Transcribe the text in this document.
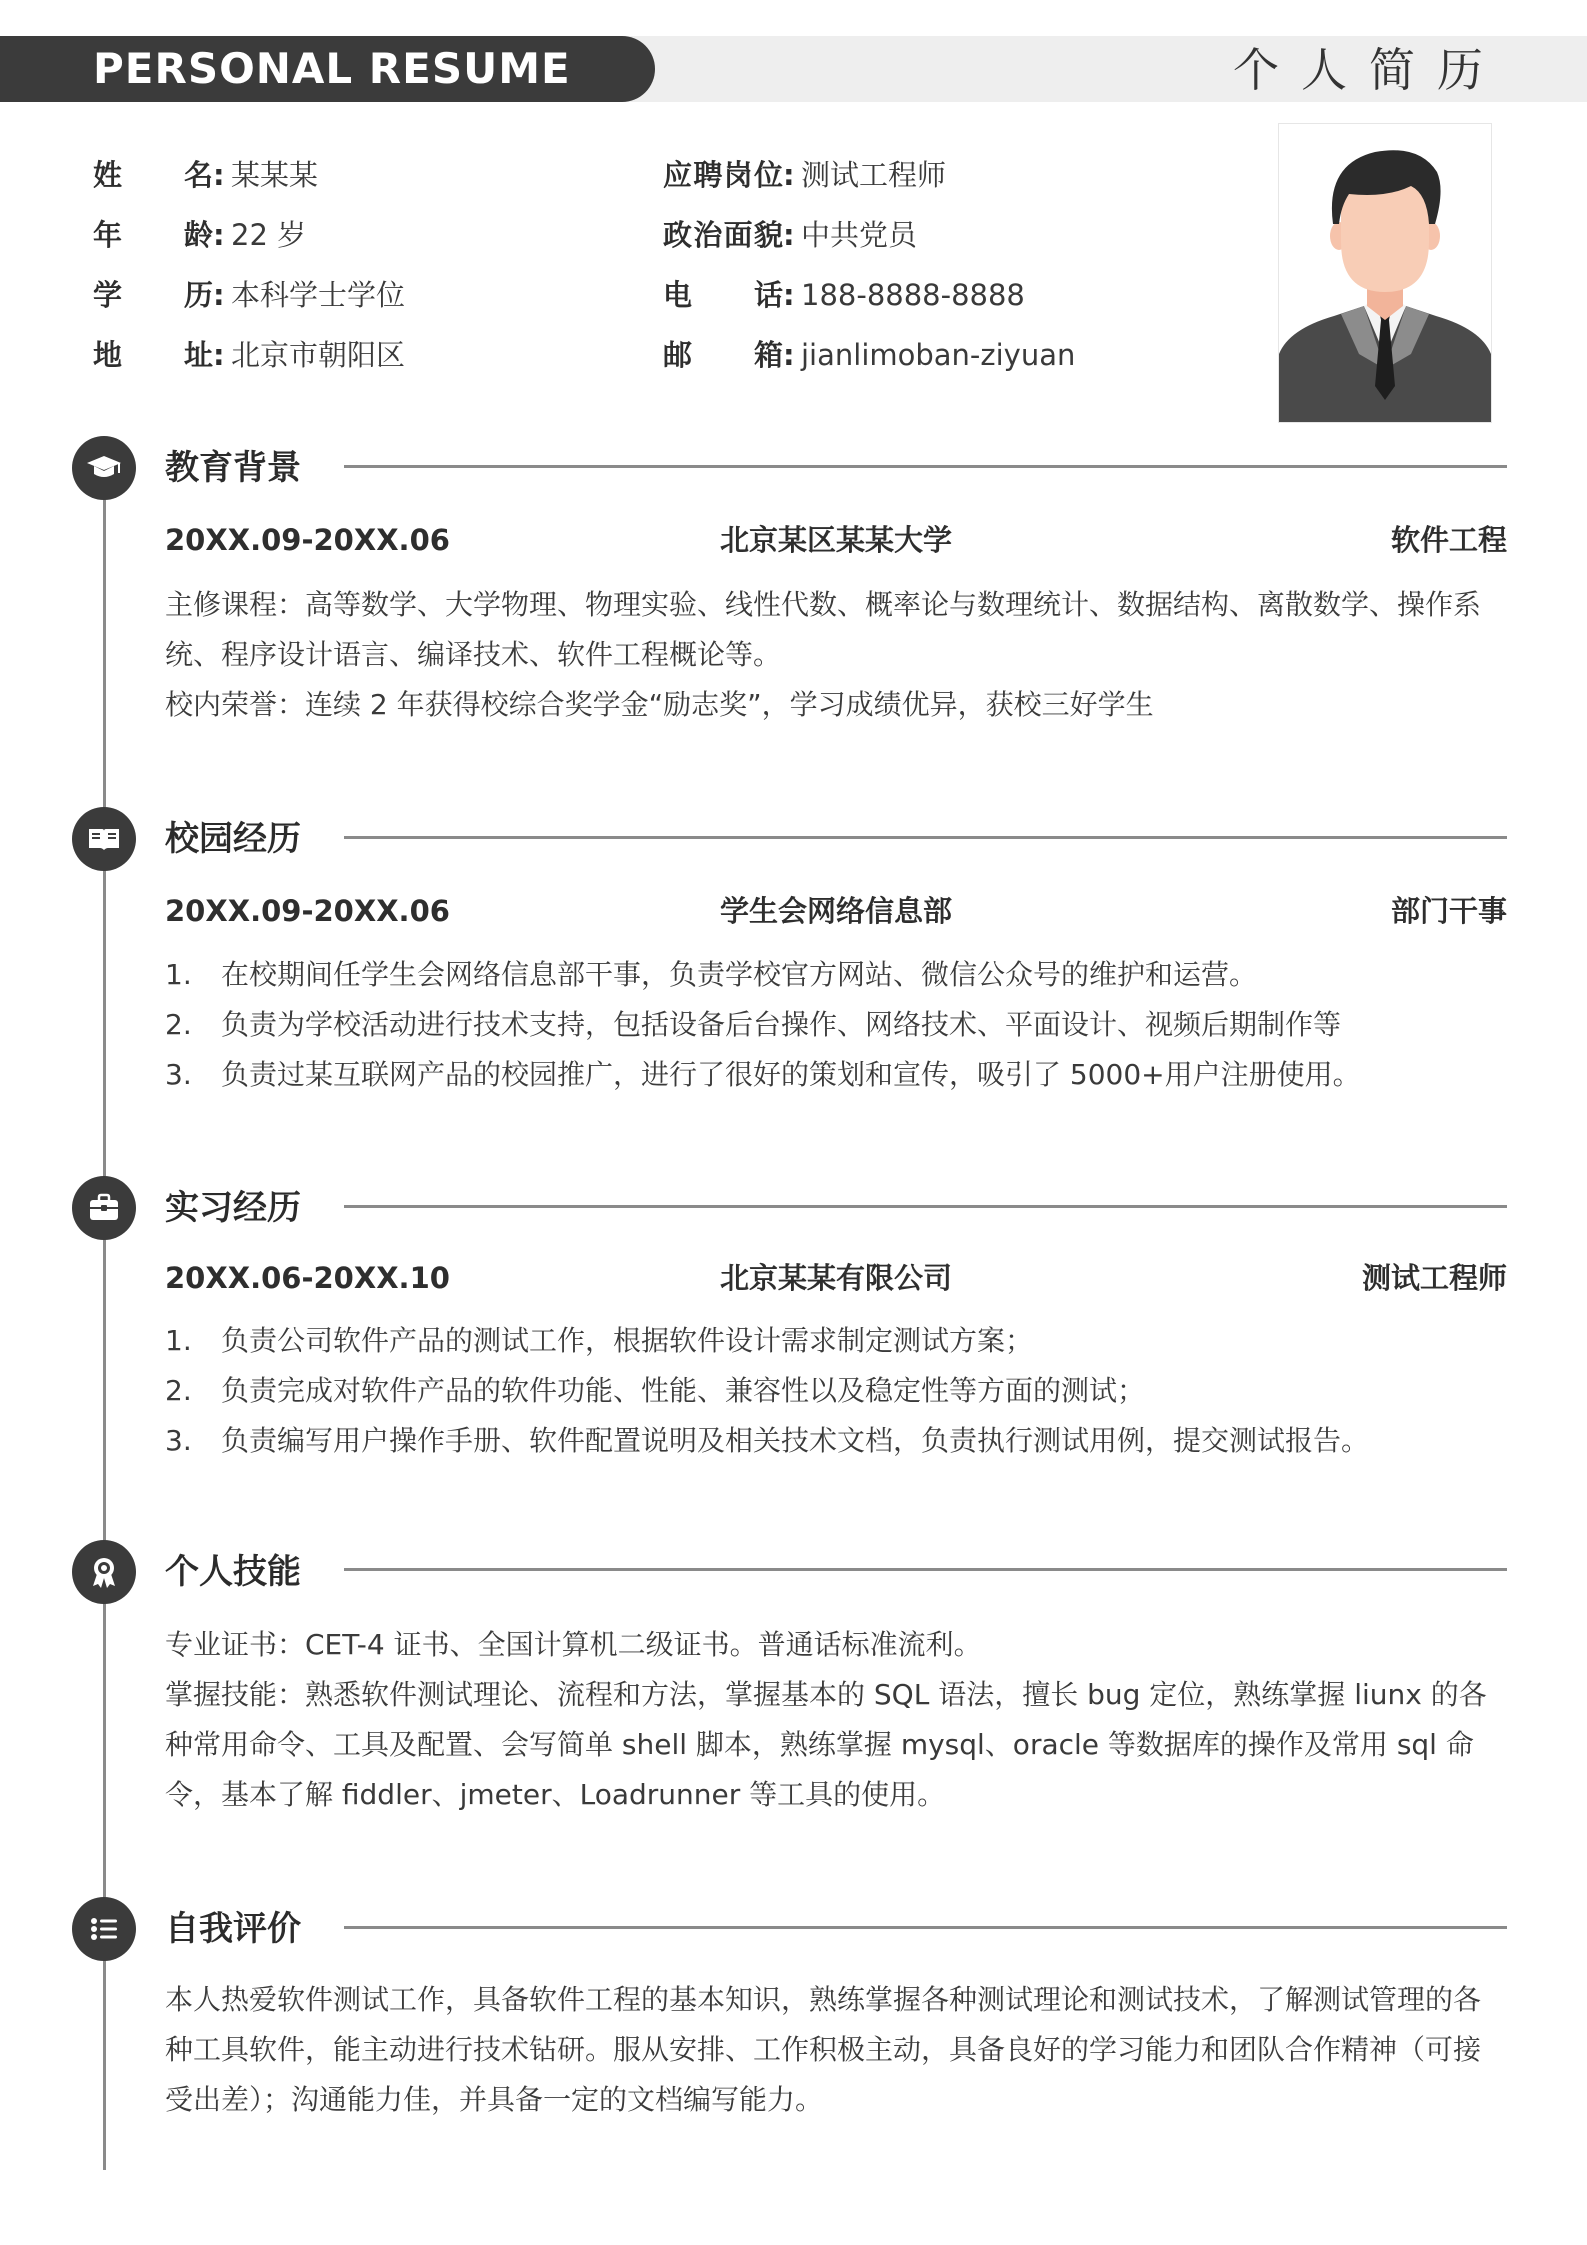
PERSONAL RESUME	个人简历
姓名: 某某某
年龄: 22 岁
学历: 本科学士学位
地址: 北京市朝阳区
应聘岗位: 测试工程师
政治面貌: 中共党员
电话: 188-8888-8888
邮箱: jianlimoban-ziyuan
教育背景
20XX.09-20XX.06	北京某区某某大学	软件工程

主修课程：高等数学、大学物理、物理实验、线性代数、概率论与数理统计、数据结构、离散数学、操作系统、程序设计语言、编译技术、软件工程概论等。

校内荣誉：连续 2 年获得校综合奖学金“励志奖”，学习成绩优异，获校三好学生

校园经历
20XX.09-20XX.06	学生会网络信息部	部门干事
1. 在校期间任学生会网络信息部干事，负责学校官方网站、微信公众号的维护和运营。
2. 负责为学校活动进行技术支持，包括设备后台操作、网络技术、平面设计、视频后期制作等
3. 负责过某互联网产品的校园推广，进行了很好的策划和宣传，吸引了 5000+用户注册使用。
实习经历
20XX.06-20XX.10	北京某某有限公司	测试工程师
1. 负责公司软件产品的测试工作，根据软件设计需求制定测试方案；
2. 负责完成对软件产品的软件功能、性能、兼容性以及稳定性等方面的测试；
3. 负责编写用户操作手册、软件配置说明及相关技术文档，负责执行测试用例，提交测试报告。
个人技能

专业证书：CET-4 证书、全国计算机二级证书。普通话标准流利。

掌握技能：熟悉软件测试理论、流程和方法，掌握基本的 SQL 语法，擅长 bug 定位，熟练掌握 liunx 的各种常用命令、工具及配置、会写简单 shell 脚本，熟练掌握 mysql、oracle 等数据库的操作及常用 sql 命令，基本了解 fiddler、jmeter、Loadrunner 等工具的使用。

自我评价

本人热爱软件测试工作，具备软件工程的基本知识，熟练掌握各种测试理论和测试技术，了解测试管理的各种工具软件，能主动进行技术钻研。服从安排、工作积极主动，具备良好的学习能力和团队合作精神（可接受出差）；沟通能力佳，并具备一定的文档编写能力。
